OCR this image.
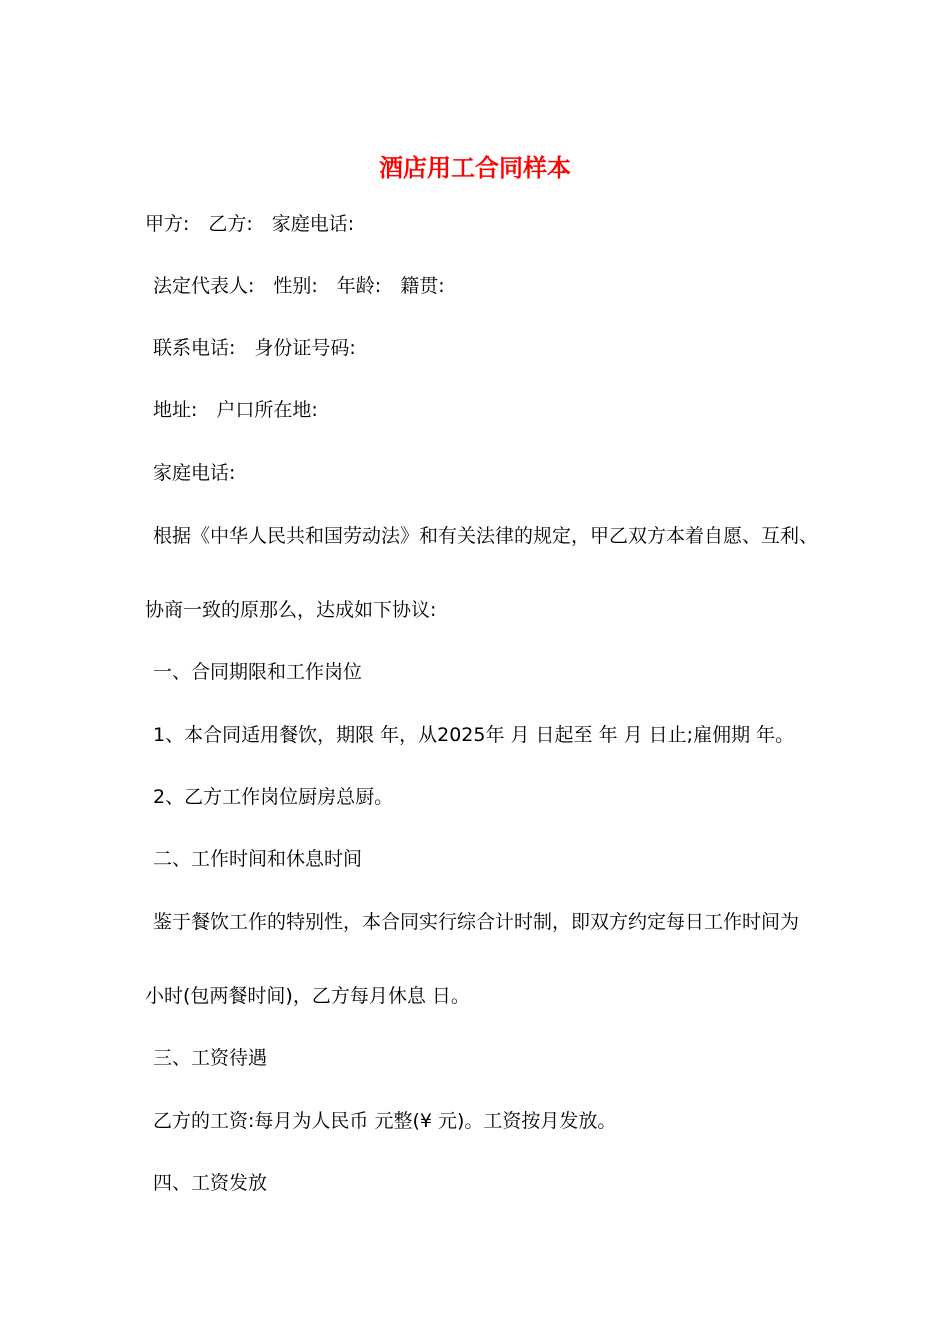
酒店用工合同样本
甲方:　乙方:　家庭电话:
法定代表人:　性别:　年龄:　籍贯:
联系电话:　身份证号码:
地址:　户口所在地:
家庭电话:
根据《中华人民共和国劳动法》和有关法律的规定，甲乙双方本着自愿、互利、
协商一致的原那么，达成如下协议:
一、合同期限和工作岗位
1、本合同适用餐饮，期限 年，从2025年 月 日起至 年 月 日止;雇佣期 年。
2、乙方工作岗位厨房总厨。
二、工作时间和休息时间
鉴于餐饮工作的特别性，本合同实行综合计时制，即双方约定每日工作时间为
小时(包两餐时间)，乙方每月休息 日。
三、工资待遇
乙方的工资:每月为人民币 元整(¥ 元)。工资按月发放。
四、工资发放
